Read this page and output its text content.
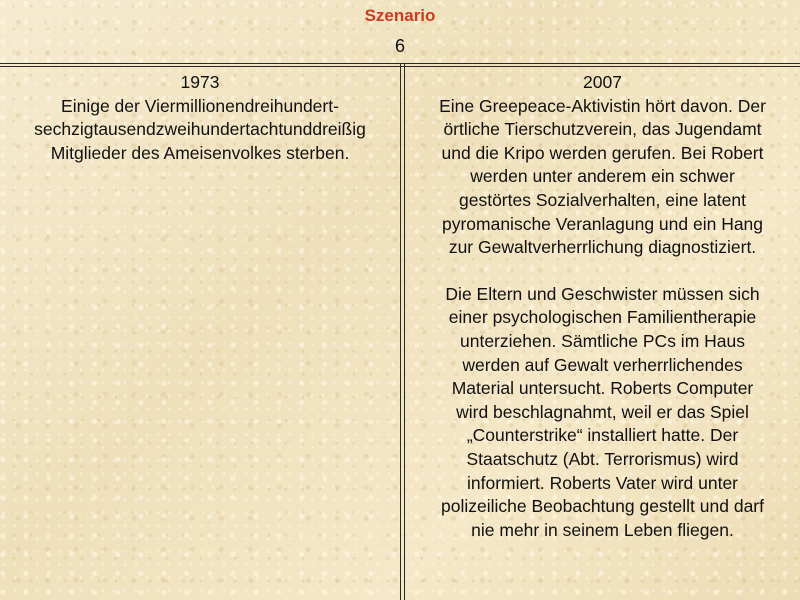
Szenario
6

1973

Einige der Viermillionendreihundert-

sechzigtausendzweihundertachtunddreißig

Mitglieder des Ameisenvolkes sterben.

2007

Eine Greepeace-Aktivistin hört davon. Der

örtliche Tierschutzverein, das Jugendamt

und die Kripo werden gerufen. Bei Robert

werden unter anderem ein schwer

gestörtes Sozialverhalten, eine latent

pyromanische Veranlagung und ein Hang

zur Gewaltverherrlichung diagnostiziert.

Die Eltern und Geschwister müssen sich

einer psychologischen Familientherapie

unterziehen. Sämtliche PCs im Haus

werden auf Gewalt verherrlichendes

Material untersucht. Roberts Computer

wird beschlagnahmt, weil er das Spiel

„Counterstrike“ installiert hatte. Der

Staatschutz (Abt. Terrorismus) wird

informiert. Roberts Vater wird unter

polizeiliche Beobachtung gestellt und darf

nie mehr in seinem Leben fliegen.
